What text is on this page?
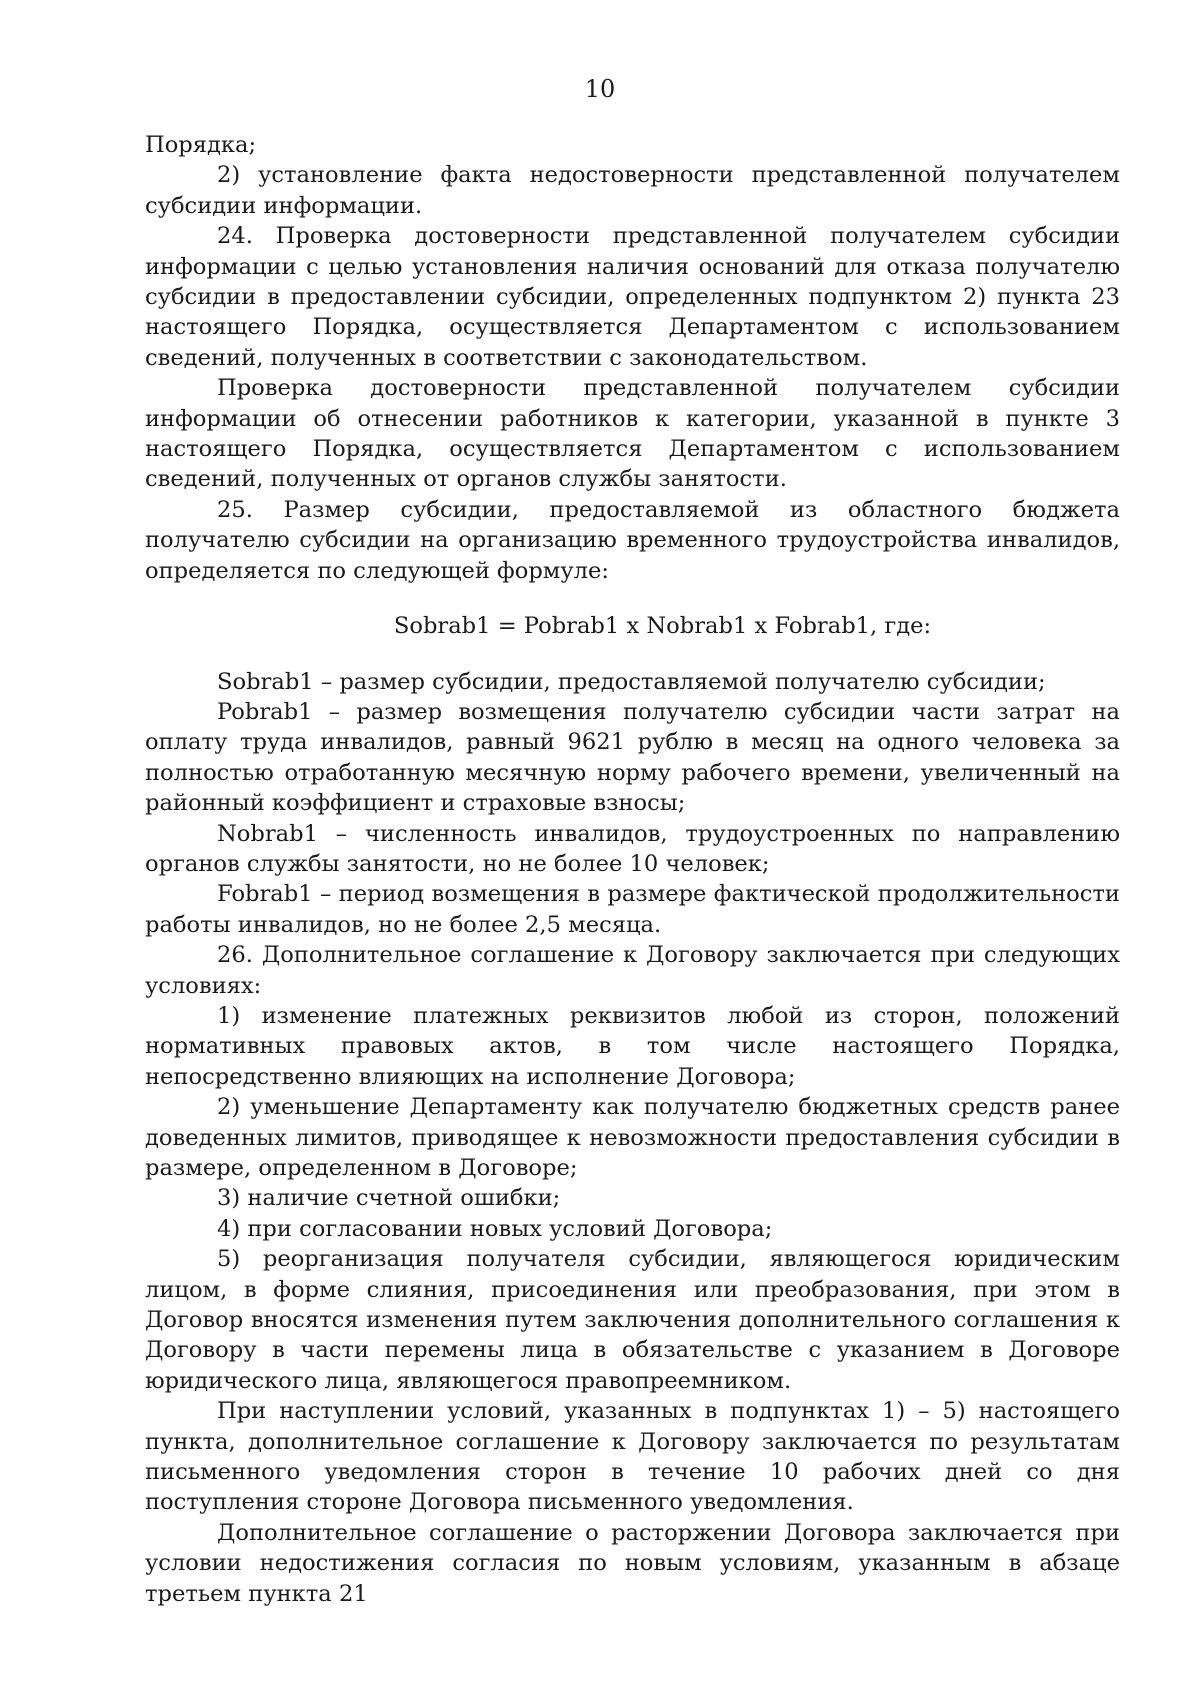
10

Порядка;

2) установление факта недостоверности представленной получателем субсидии информации.

24. Проверка достоверности представленной получателем субсидии информации с целью установления наличия оснований для отказа получателю субсидии в предоставлении субсидии, определенных подпунктом 2) пункта 23 настоящего Порядка, осуществляется Департаментом с использованием сведений, полученных в соответствии с законодательством.

Проверка достоверности представленной получателем субсидии информации об отнесении работников к категории, указанной в пункте 3 настоящего Порядка, осуществляется Департаментом с использованием сведений, полученных от органов службы занятости.

25. Размер субсидии, предоставляемой из областного бюджета получателю субсидии на организацию временного трудоустройства инвалидов, определяется по следующей формуле:

Sobrab1 = Pobrab1 x Nobrab1 x Fobrab1, где:

Sobrab1 – размер субсидии, предоставляемой получателю субсидии;

Pobrab1 – размер возмещения получателю субсидии части затрат на оплату труда инвалидов, равный 9621 рублю в месяц на одного человека за полностью отработанную месячную норму рабочего времени, увеличенный на районный коэффициент и страховые взносы;

Nobrab1 – численность инвалидов, трудоустроенных по направлению органов службы занятости, но не более 10 человек;

Fobrab1 – период возмещения в размере фактической продолжительности работы инвалидов, но не более 2,5 месяца.

26. Дополнительное соглашение к Договору заключается при следующих условиях:

1) изменение платежных реквизитов любой из сторон, положений нормативных правовых актов, в том числе настоящего Порядка, непосредственно влияющих на исполнение Договора;

2) уменьшение Департаменту как получателю бюджетных средств ранее доведенных лимитов, приводящее к невозможности предоставления субсидии в размере, определенном в Договоре;

3) наличие счетной ошибки;

4) при согласовании новых условий Договора;

5) реорганизация получателя субсидии, являющегося юридическим лицом, в форме слияния, присоединения или преобразования, при этом в Договор вносятся изменения путем заключения дополнительного соглашения к Договору в части перемены лица в обязательстве с указанием в Договоре юридического лица, являющегося правопреемником.

При наступлении условий, указанных в подпунктах 1) – 5) настоящего пункта, дополнительное соглашение к Договору заключается по результатам письменного уведомления сторон в течение 10 рабочих дней со дня поступления стороне Договора письменного уведомления.

Дополнительное соглашение о расторжении Договора заключается при условии недостижения согласия по новым условиям, указанным в абзаце третьем пункта 21
